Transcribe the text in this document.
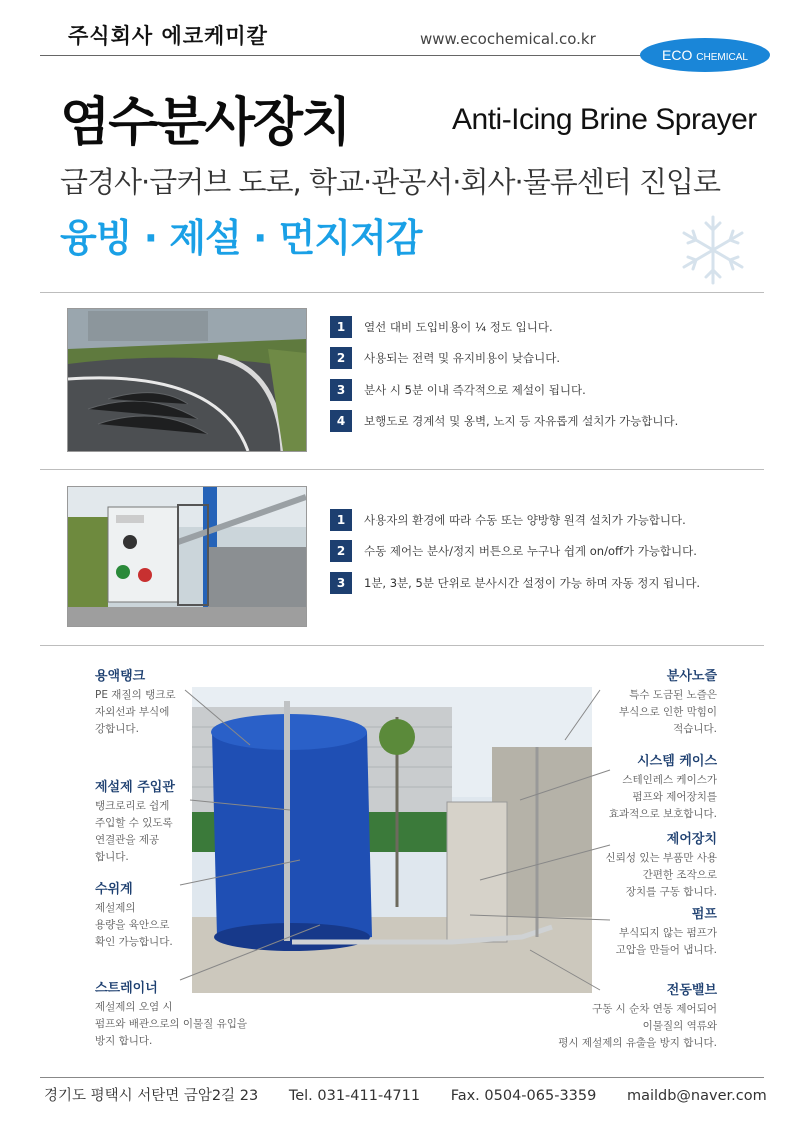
주식회사 에코케미칼	www.ecochemical.co.kr
ECO CHEMICAL
염수분사장치	Anti-Icing Brine Sprayer
급경사·급커브 도로, 학교·관공서·회사·물류센터 진입로
융빙 · 제설 · 먼지저감
1	열선 대비 도입비용이 ¼ 정도 입니다.
2	사용되는 전력 및 유지비용이 낮습니다.
3	분사 시 5분 이내 즉각적으로 제설이 됩니다.
4	보행도로 경계석 및 옹벽, 노지 등 자유롭게 설치가 가능합니다.
1	사용자의 환경에 따라 수동 또는 양방향 원격 설치가 가능합니다.
2	수동 제어는 분사/정지 버튼으로 누구나 쉽게 on/off가 가능합니다.
3	1분, 3분, 5분 단위로 분사시간 설정이 가능 하며 자동 정지 됩니다.
용액탱크
PE 재질의 탱크로
자외선과 부식에
강합니다.
제설제 주입관
탱크로리로 쉽게
주입할 수 있도록
연결관을 제공
합니다.
수위계
제설제의
용량을 육안으로
확인 가능합니다.
스트레이너
제설제의 오염 시
펌프와 배관으로의 이물질 유입을
방지 합니다.
분사노즐
특수 도금된 노즐은
부식으로 인한 막힘이
적습니다.
시스템 케이스
스테인레스 케이스가
펌프와 제어장치를
효과적으로 보호합니다.
제어장치
신뢰성 있는 부품만 사용
간편한 조작으로
장치를 구동 합니다.
펌프
부식되지 않는 펌프가
고압을 만들어 냅니다.
전동밸브
구동 시 순차 연동 제어되어
이물질의 역류와
평시 제설제의 유출을 방지 합니다.
경기도 평택시 서탄면 금암2길 23 Tel. 031-411-4711 Fax. 0504-065-3359 maildb@naver.com
